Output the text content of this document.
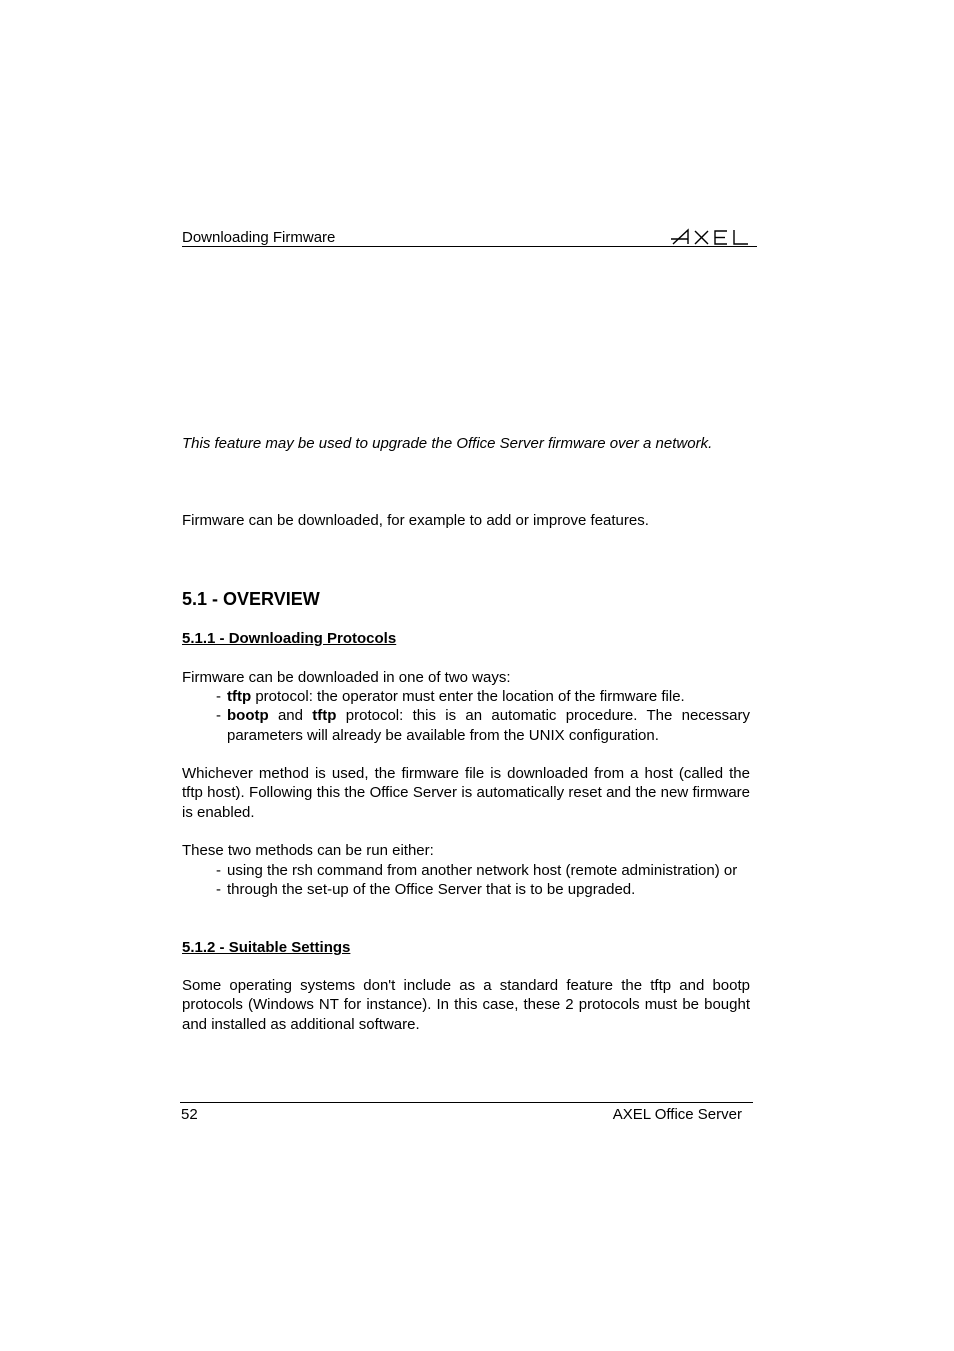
Downloading Firmware
This feature may be used to upgrade the Office Server firmware over a network.
Firmware can be downloaded, for example to add or improve features.
5.1 - OVERVIEW
5.1.1 - Downloading Protocols
Firmware can be downloaded in one of two ways:
- tftp protocol: the operator must enter the location of the firmware file.
- bootp and tftp protocol: this is an automatic procedure. The necessary parameters will already be available from the UNIX configuration.
Whichever method is used, the firmware file is downloaded from a host (called the tftp host). Following this the Office Server is automatically reset and the new firmware is enabled.
These two methods can be run either:
- using the rsh command from another network host (remote administration) or
- through the set-up of the Office Server that is to be upgraded.
5.1.2 - Suitable Settings
Some operating systems don't include as a standard feature the tftp and bootp protocols (Windows NT for instance). In this case, these 2 protocols must be bought and installed as additional software.
52	AXEL Office Server
